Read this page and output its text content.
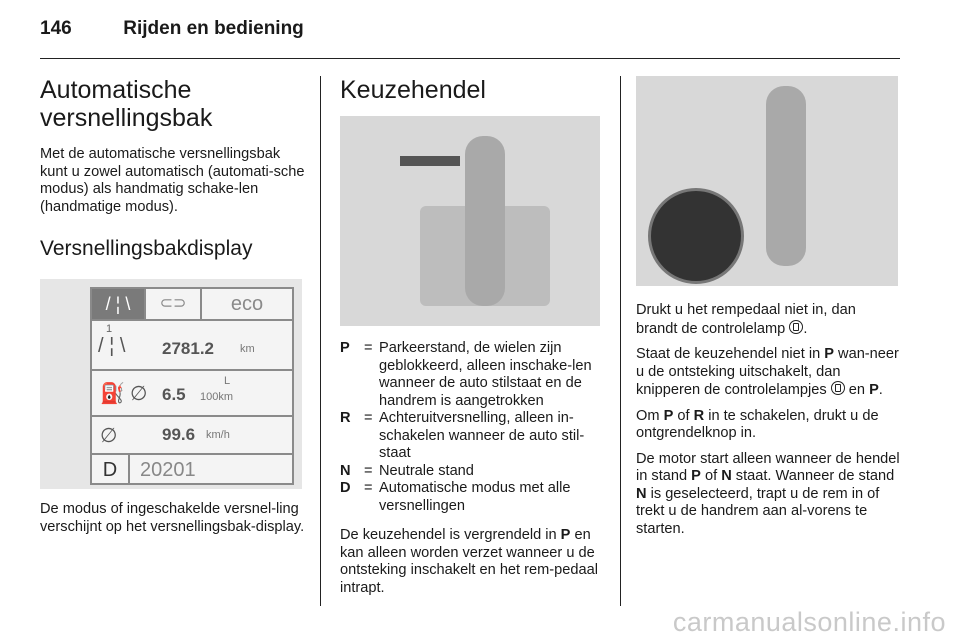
146	Rijden en bediening
Automatische versnellingsbak

Met de automatische versnellingsbak kunt u zowel automatisch (automati-sche modus) als handmatig schake-len (handmatige modus).

Versnellingsbakdisplay
/ ¦ \	⊂⊃	eco
1
/ ¦ \ 2781.2 km
⛽ ∅ 6.5
L
100km
∅	99.6 km/h
D	20201

De modus of ingeschakelde versnel-ling verschijnt op het versnellingsbak-display.

Keuzehendel
P = Parkeerstand, de wielen zijn geblokkeerd, alleen inschake-len wanneer de auto stilstaat en de handrem is aangetrokken
R = Achteruitversnelling, alleen in-schakelen wanneer de auto stil-staat
N = Neutrale stand
D = Automatische modus met alle versnellingen

De keuzehendel is vergrendeld in P en kan alleen worden verzet wanneer u de ontsteking inschakelt en het rem-pedaal intrapt.

Drukt u het rempedaal niet in, dan brandt de controlelamp .

Staat de keuzehendel niet in P wan-neer u de ontsteking uitschakelt, dan knipperen de controlelampjes  en P.

Om P of R in te schakelen, drukt u de ontgrendelknop in.

De motor start alleen wanneer de hendel in stand P of N staat. Wanneer de stand N is geselecteerd, trapt u de rem in of trekt u de handrem aan al-vorens te starten.

carmanualsonline.info
